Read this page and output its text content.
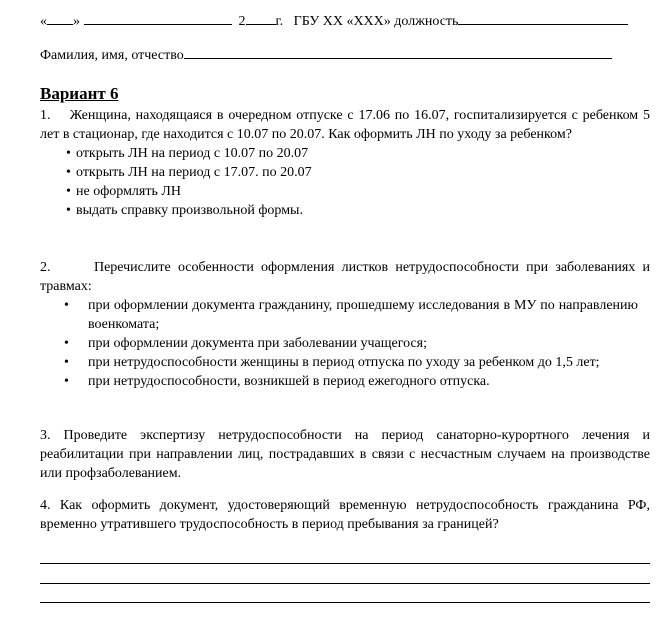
« »	2 г. ГБУ ХХ «ХХХ» должность
Фамилия, имя, отчество
Вариант 6
1. Женщина, находящаяся в очередном отпуске с 17.06 по 16.07, госпитализируется с ребенком 5 лет в стационар, где находится с 10.07 по 20.07. Как оформить ЛН по уходу за ребенком?
• открыть ЛН на период с 10.07 по 20.07
• открыть ЛН на период с 17.07. по 20.07
• не оформлять ЛН
• выдать справку произвольной формы.
2.	Перечислите особенности оформления листков нетрудоспособности при заболеваниях и травмах:
• при оформлении документа гражданину, прошедшему исследования в МУ по направлению военкомата;
• при оформлении документа при заболевании учащегося;
• при нетрудоспособности женщины в период отпуска по уходу за ребенком до 1,5 лет;
• при нетрудоспособности, возникшей в период ежегодного отпуска.
3. Проведите экспертизу нетрудоспособности на период санаторно-курортного лечения и реабилитации при направлении лиц, пострадавших в связи с несчастным случаем на производстве или профзаболеванием.
4. Как оформить документ, удостоверяющий временную нетрудоспособность гражданина РФ, временно утратившего трудоспособность в период пребывания за границей?
